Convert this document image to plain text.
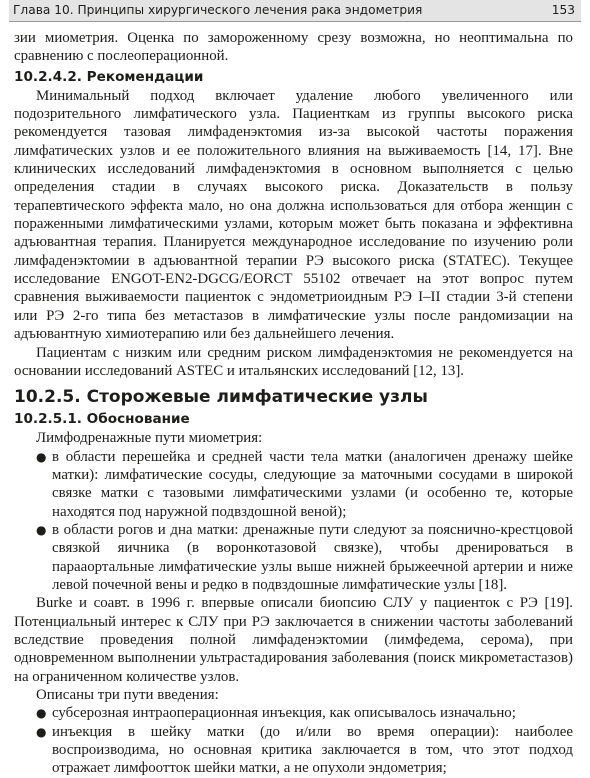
Глава 10. Принципы хирургического лечения рака эндометрия	153

зии миометрия. Оценка по замороженному срезу возможна, но неоптимальна по сравнению с послеоперационной.

10.2.4.2. Рекомендации

Минимальный подход включает удаление любого увеличенного или подозрительного лимфатического узла. Пациенткам из группы высокого риска рекомендуется тазовая лимфаденэктомия из-за высокой частоты поражения лимфатических узлов и ее положительного влияния на выживаемость [14, 17]. Вне клинических исследований лимфаденэктомия в основном выполняется с целью определения стадии в случаях высокого риска. Доказательств в пользу терапевтического эффекта мало, но она должна использоваться для отбора женщин с пораженными лимфатическими узлами, которым может быть показана и эффективна адъювантная терапия. Планируется международное исследование по изучению роли лимфаденэктомии в адъювантной терапии РЭ высокого риска (STATEC). Текущее исследование ENGOT-EN2-DGCG/EORCT 55102 отвечает на этот вопрос путем сравнения выживаемости пациенток с эндометриоидным РЭ I–II стадии 3-й степени или РЭ 2-го типа без метастазов в лимфатические узлы после рандомизации на адъювантную химиотерапию или без дальнейшего лечения.

Пациентам с низким или средним риском лимфаденэктомия не рекомендуется на основании исследований ASTEC и итальянских исследований [12, 13].

10.2.5. Сторожевые лимфатические узлы
10.2.5.1. Обоснование

Лимфодренажные пути миометрия:

● в области перешейка и средней части тела матки (аналогичен дренажу шейке матки): лимфатические сосуды, следующие за маточными сосудами в широкой связке матки с тазовыми лимфатическими узлами (и особенно те, которые находятся под наружной подвздошной веной);

● в области рогов и дна матки: дренажные пути следуют за пояснично-крестцовой связкой яичника (в воронкотазовой связке), чтобы дренироваться в парааортальные лимфатические узлы выше нижней брыжеечной артерии и ниже левой почечной вены и редко в подвздошные лимфатические узлы [18].

Burke и соавт. в 1996 г. впервые описали биопсию СЛУ у пациенток с РЭ [19]. Потенциальный интерес к СЛУ при РЭ заключается в снижении частоты заболеваний вследствие проведения полной лимфаденэктомии (лимфедема, серома), при одновременном выполнении ультрастадирования заболевания (поиск микрометастазов) на ограниченном количестве узлов.

Описаны три пути введения:

● субсерозная интраоперационная инъекция, как описывалось изначально;

● инъекция в шейку матки (до и/или во время операции): наиболее воспроизводима, но основная критика заключается в том, что этот подход отражает лимфоотток шейки матки, а не опухоли эндометрия;
